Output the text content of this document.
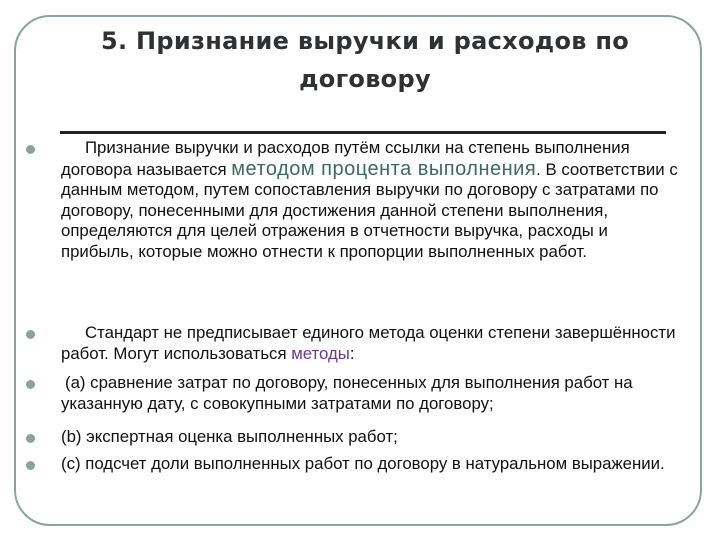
5. Признание выручки и расходов по
договору
Признание выручки и расходов путём ссылки на степень выполнения договора называется методом процента выполнения. В соответствии с данным методом, путем сопоставления выручки по договору с затратами по договору, понесенными для достижения данной степени выполнения, определяются для целей отражения в отчетности выручка, расходы и прибыль, которые можно отнести к пропорции выполненных работ.
Стандарт не предписывает единого метода оценки степени завершённости работ. Могут использоваться методы:
(а) сравнение затрат по договору, понесенных для выполнения работ на указанную дату, с совокупными затратами по договору;
(b) экспертная оценка выполненных работ;
(c) подсчет доли выполненных работ по договору в натуральном выражении.
